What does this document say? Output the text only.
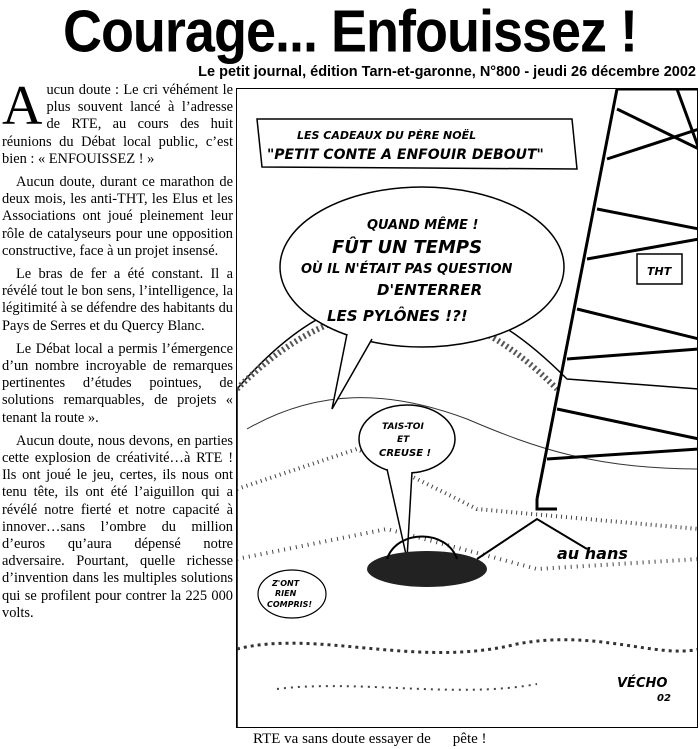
Courage... Enfouissez !
Le petit journal, édition Tarn-et-garonne, N°800 - jeudi 26 décembre 2002

Aucun doute : Le cri véhément le plus souvent lancé à l’adresse de RTE, au cours des huit réunions du Débat local public, c’est bien : « ENFOUISSEZ ! »

Aucun doute, durant ce marathon de deux mois, les anti-THT, les Elus et les Associations ont joué pleinement leur rôle de catalyseurs pour une opposition constructive, face à un projet insensé.

Le bras de fer a été constant. Il a révélé tout le bon sens, l’intelligence, la légitimité à se défendre des habitants du Pays de Serres et du Quercy Blanc.

Le Débat local a permis l’émergence d’un nombre incroyable de remarques pertinentes d’études pointues, de solutions remarquables, de projets « tenant la route ».

Aucun doute, nous devons, en parties cette explosion de créativité…à RTE ! Ils ont joué le jeu, certes, ils nous ont tenu tête, ils ont été l’aiguillon qui a révélé notre fierté et notre capacité à innover…sans l’ombre du million d’euros qu’aura dépensé notre adversaire. Pourtant, quelle richesse d’invention dans les multiples solutions qui se profilent pour contrer la 225 000 volts.

THT
LES CADEAUX DU PÈRE NOËL
"PETIT CONTE A ENFOUIR DEBOUT"
QUAND MÊME !
FÛT UN TEMPS
OÙ IL N'ÉTAIT PAS QUESTION
D'ENTERRER
LES PYLÔNES !?!
TAIS-TOI
ET
CREUSE !
au hans
Z'ONT
RIEN
COMPRIS!
VÉCHO
02
RTE va sans doute essayer de pête !
